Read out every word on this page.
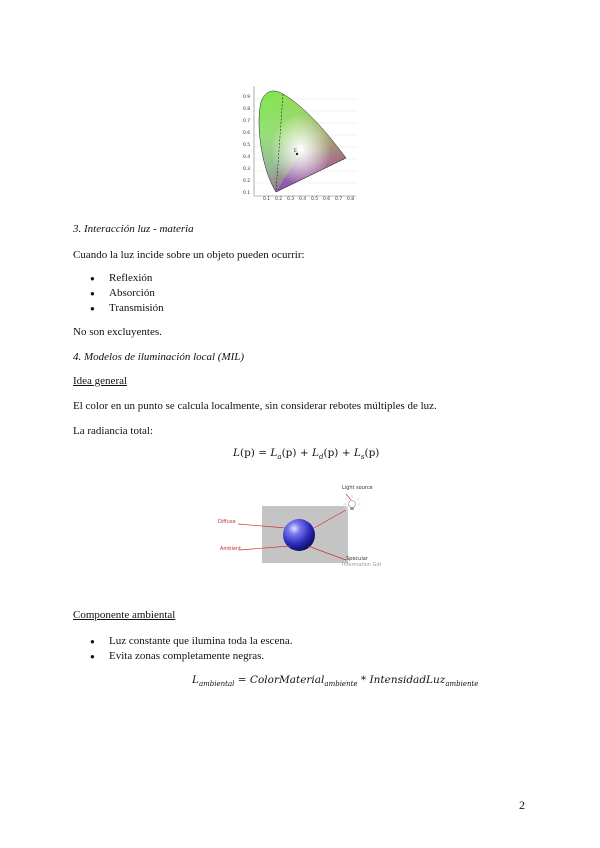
0.9
0.8
0.7
0.6
0.5
0.4
0.3
0.2
0.1
0.1 0.2 0.3 0.4 0.5 0.6 0.7 0.8
E
3. Interacción luz - materia
Cuando la luz incide sobre un objeto pueden ocurrir:
● Reflexión
● Absorción
● Transmisión
No son excluyentes.
4. Modelos de iluminación local (MIL)
Idea general
El color en un punto se calcula localmente, sin considerar rebotes múltiples de luz.
La radiancia total:
$L(p) = L_a(p) + L_d(p) + L_s(p)$
Light source
Diffuse
Ambient
Specular
Information Gid
Componente ambiental
● Luz constante que ilumina toda la escena.
● Evita zonas completamente negras.
$L_{ambiental}$ = ColorMaterial$_{ambiente}$ * IntensidadLuz$_{ambiente}$
2
